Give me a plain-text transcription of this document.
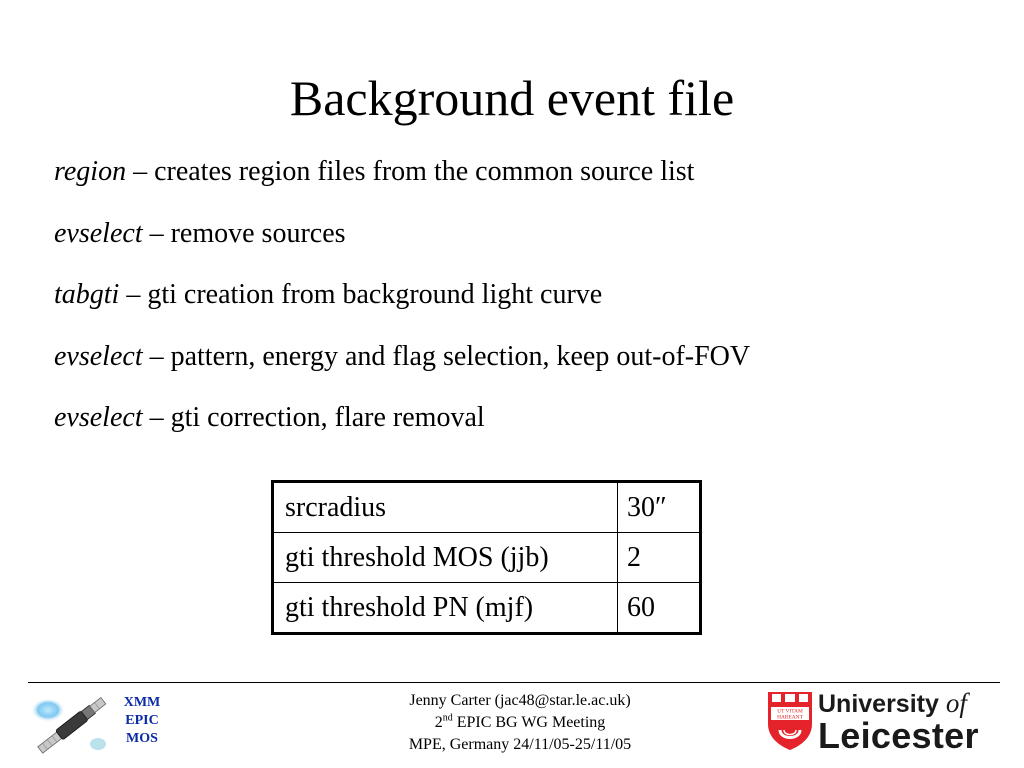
Background event file
region – creates region files from the common source list
evselect – remove sources
tabgti – gti creation from background light curve
evselect – pattern, energy and flag selection, keep out-of-FOV
evselect – gti correction, flare removal
srcradius	30″
gti threshold MOS (jjb)	2
gti threshold PN (mjf)	60
XMM
EPIC
MOS
Jenny Carter (jac48@star.le.ac.uk)
2nd EPIC BG WG Meeting
MPE, Germany 24/11/05-25/11/05
UT VITAM
HABEANT University of
Leicester
